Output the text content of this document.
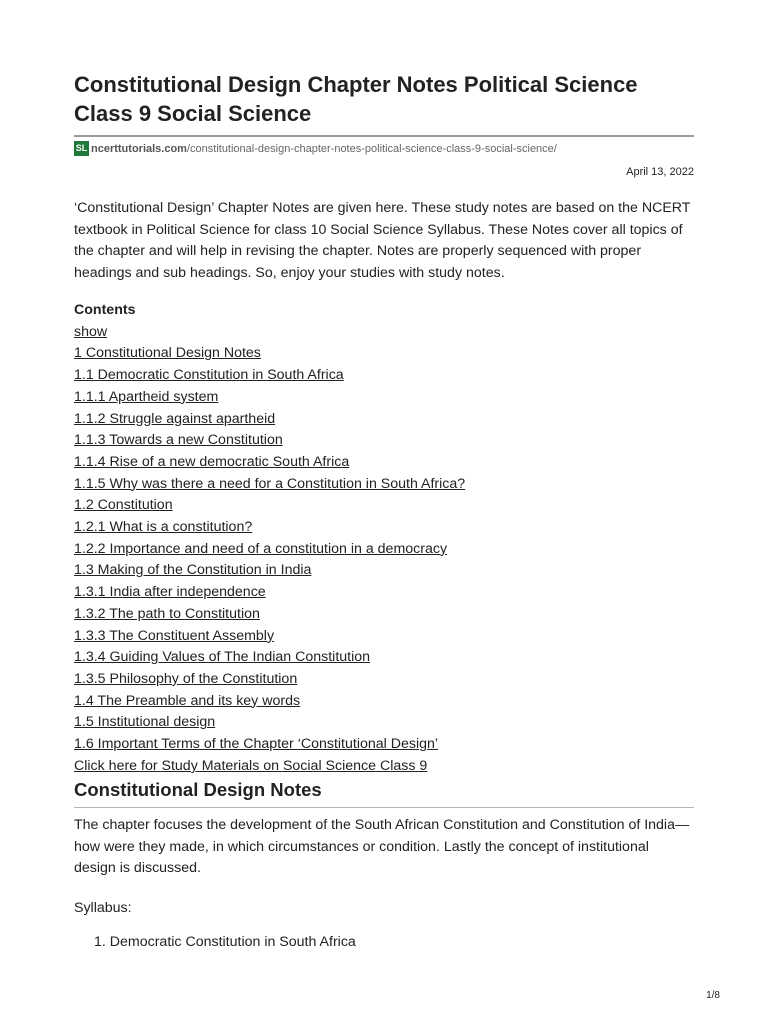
Constitutional Design Chapter Notes Political Science Class 9 Social Science
SL ncerttutorials.com/constitutional-design-chapter-notes-political-science-class-9-social-science/
April 13, 2022

‘Constitutional Design’ Chapter Notes are given here. These study notes are based on the NCERT textbook in Political Science for class 10 Social Science Syllabus. These Notes cover all topics of the chapter and will help in revising the chapter. Notes are properly sequenced with proper headings and sub headings. So, enjoy your studies with study notes.

Contents
show
1 Constitutional Design Notes
1.1 Democratic Constitution in South Africa
1.1.1 Apartheid system
1.1.2 Struggle against apartheid
1.1.3 Towards a new Constitution
1.1.4 Rise of a new democratic South Africa
1.1.5 Why was there a need for a Constitution in South Africa?
1.2 Constitution
1.2.1 What is a constitution?
1.2.2 Importance and need of a constitution in a democracy
1.3 Making of the Constitution in India
1.3.1 India after independence
1.3.2 The path to Constitution
1.3.3 The Constituent Assembly
1.3.4 Guiding Values of The Indian Constitution
1.3.5 Philosophy of the Constitution
1.4 The Preamble and its key words
1.5 Institutional design
1.6 Important Terms of the Chapter ‘Constitutional Design’
Click here for Study Materials on Social Science Class 9
Constitutional Design Notes

The chapter focuses the development of the South African Constitution and Constitution of India—how were they made, in which circumstances or condition. Lastly the concept of institutional design is discussed.

Syllabus:

1. Democratic Constitution in South Africa
1/8
